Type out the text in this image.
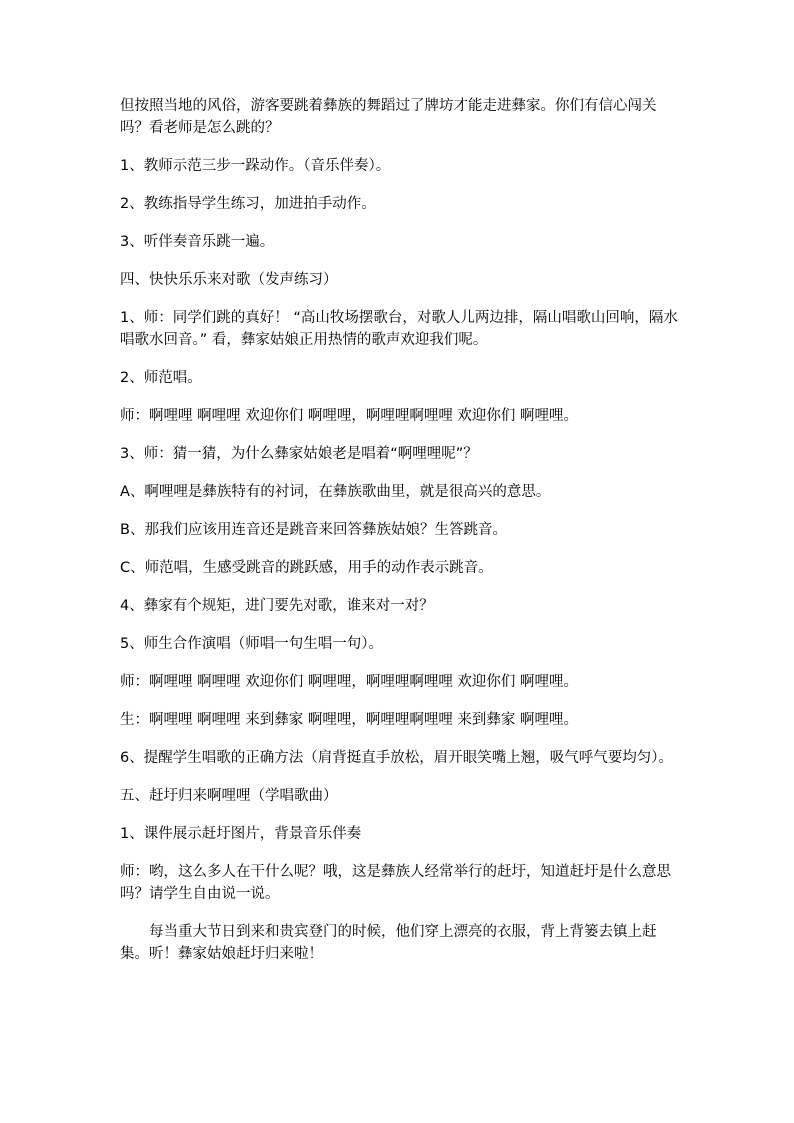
但按照当地的风俗，游客要跳着彝族的舞蹈过了牌坊才能走进彝家。你们有信心闯关吗？看老师是怎么跳的？

1、教师示范三步一跺动作。（音乐伴奏）。

2、教练指导学生练习，加进拍手动作。

3、听伴奏音乐跳一遍。

四、快快乐乐来对歌（发声练习）

1、师：同学们跳的真好！ “高山牧场摆歌台，对歌人儿两边排，隔山唱歌山回响，隔水唱歌水回音。” 看，彝家姑娘正用热情的歌声欢迎我们呢。

2、师范唱。

师：啊哩哩 啊哩哩 欢迎你们 啊哩哩，啊哩哩啊哩哩 欢迎你们 啊哩哩。

3、师：猜一猜，为什么彝家姑娘老是唱着“啊哩哩呢”？

A、啊哩哩是彝族特有的衬词，在彝族歌曲里，就是很高兴的意思。

B、那我们应该用连音还是跳音来回答彝族姑娘？生答跳音。

C、师范唱，生感受跳音的跳跃感，用手的动作表示跳音。

4、彝家有个规矩，进门要先对歌，谁来对一对？

5、师生合作演唱（师唱一句生唱一句）。

师：啊哩哩 啊哩哩 欢迎你们 啊哩哩，啊哩哩啊哩哩 欢迎你们 啊哩哩。

生：啊哩哩 啊哩哩 来到彝家 啊哩哩，啊哩哩啊哩哩 来到彝家 啊哩哩。

6、提醒学生唱歌的正确方法（肩背挺直手放松，眉开眼笑嘴上翘，吸气呼气要均匀）。

五、赶圩归来啊哩哩（学唱歌曲）

1、课件展示赶圩图片，背景音乐伴奏

师：哟，这么多人在干什么呢？哦，这是彝族人经常举行的赶圩，知道赶圩是什么意思吗？请学生自由说一说。

每当重大节日到来和贵宾登门的时候，他们穿上漂亮的衣服，背上背篓去镇上赶集。听！彝家姑娘赶圩归来啦！
